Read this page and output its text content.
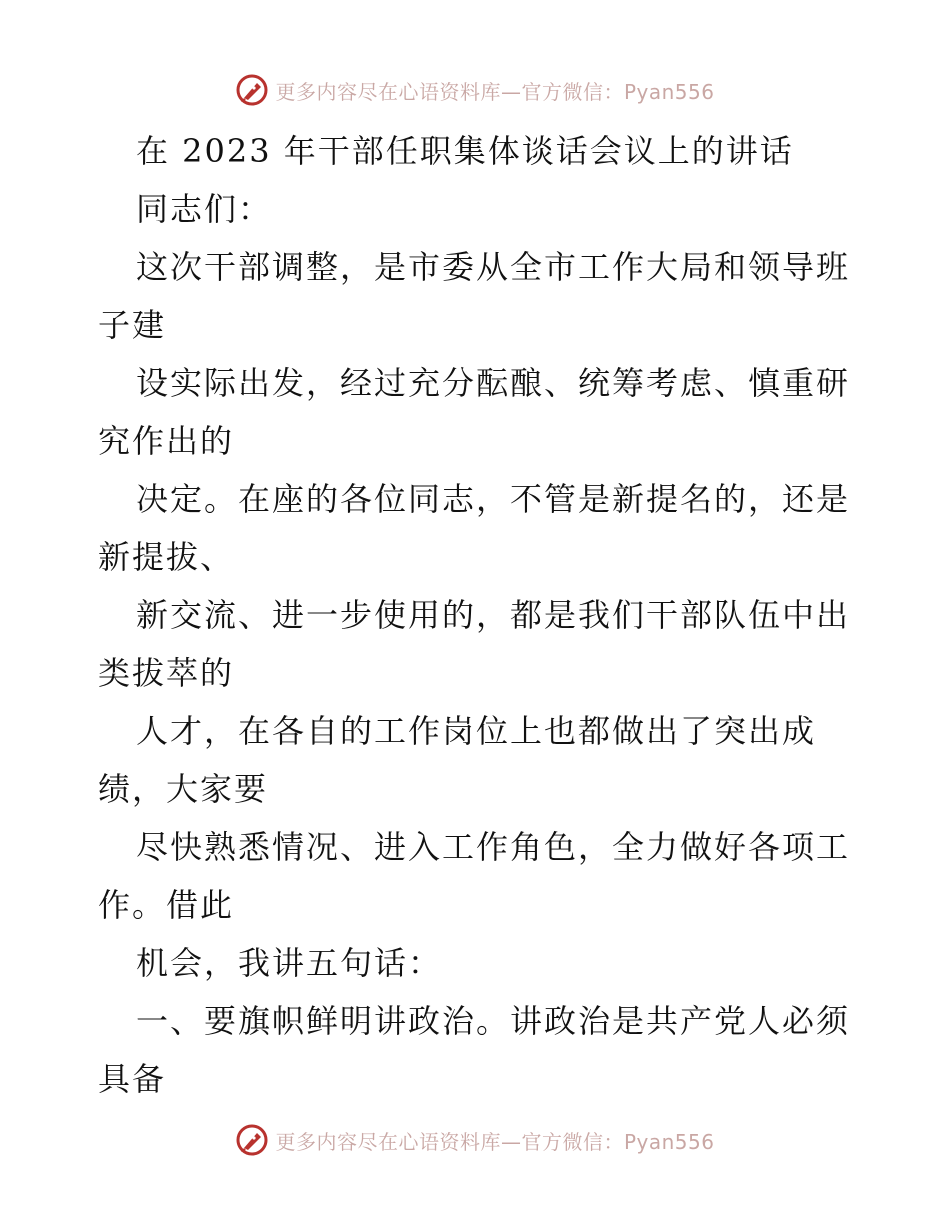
更多内容尽在心语资料库—官方微信：Pyan556
在 2023 年干部任职集体谈话会议上的讲话
同志们：
这次干部调整，是市委从全市工作大局和领导班
子建
设实际出发，经过充分酝酿、统筹考虑、慎重研
究作出的
决定。在座的各位同志，不管是新提名的，还是
新提拔、
新交流、进一步使用的，都是我们干部队伍中出
类拔萃的
人才，在各自的工作岗位上也都做出了突出成
绩，大家要
尽快熟悉情况、进入工作角色，全力做好各项工
作。借此
机会，我讲五句话：
一、要旗帜鲜明讲政治。讲政治是共产党人必须
具备
更多内容尽在心语资料库—官方微信：Pyan556
